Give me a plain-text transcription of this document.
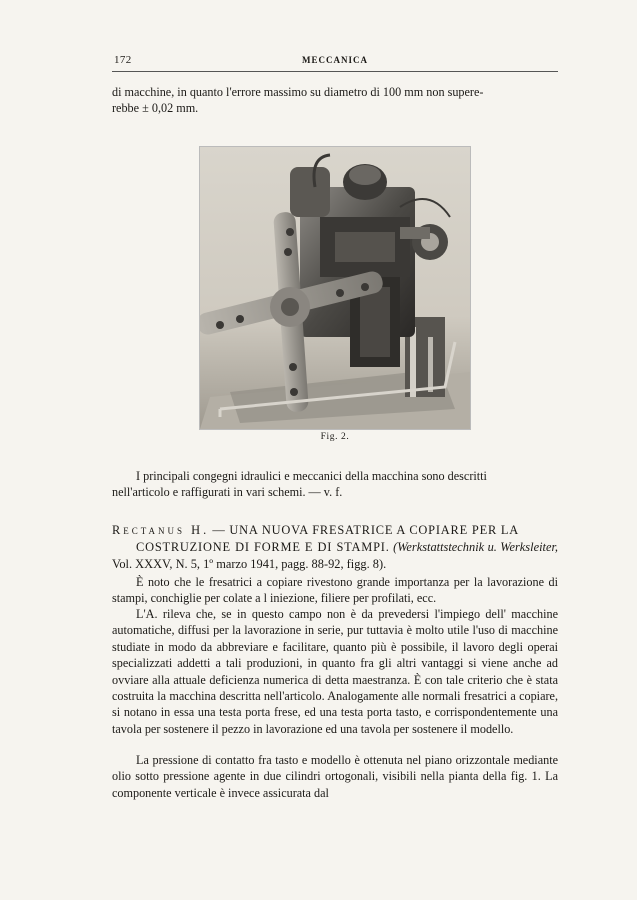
172	MECCANICA

di macchine, in quanto l'errore massimo su diametro di 100 mm non supere-
rebbe ± 0,02 mm.

Fig. 2.

I principali congegni idraulici e meccanici della macchina sono descritti
nell'articolo e raffigurati in vari schemi. — v. f.

Rectanus H. — UNA NUOVA FRESATRICE A COPIARE PER LA
COSTRUZIONE DI FORME E DI STAMPI. (Werkstattstechnik u. Werksleiter, Vol. XXXV, N. 5, 1º marzo 1941, pagg. 88-92, figg. 8).

È noto che le fresatrici a copiare rivestono grande importanza per la lavorazione di stampi, conchiglie per colate a l iniezione, filiere per profilati, ecc.

L'A. rileva che, se in questo campo non è da prevedersi l'impiego dell' macchine automatiche, diffusi per la lavorazione in serie, pur tuttavia è molto utile l'uso di macchine studiate in modo da abbreviare e facilitare, quanto più è possibile, il lavoro degli operai specializzati addetti a tali produzioni, in quanto fra gli altri vantaggi si viene anche ad ovviare alla attuale deficienza numerica di detta maestranza. È con tale criterio che è stata costruita la macchina descritta nell'articolo. Analogamente alle normali fresatrici a copiare, si notano in essa una testa porta frese, ed una testa porta tasto, e corrispondentemente una tavola per sostenere il pezzo in lavorazione ed una tavola per sostenere il modello.

La pressione di contatto fra tasto e modello è ottenuta nel piano orizzontale mediante olio sotto pressione agente in due cilindri ortogonali, visibili nella pianta della fig. 1. La componente verticale è invece assicurata dal
